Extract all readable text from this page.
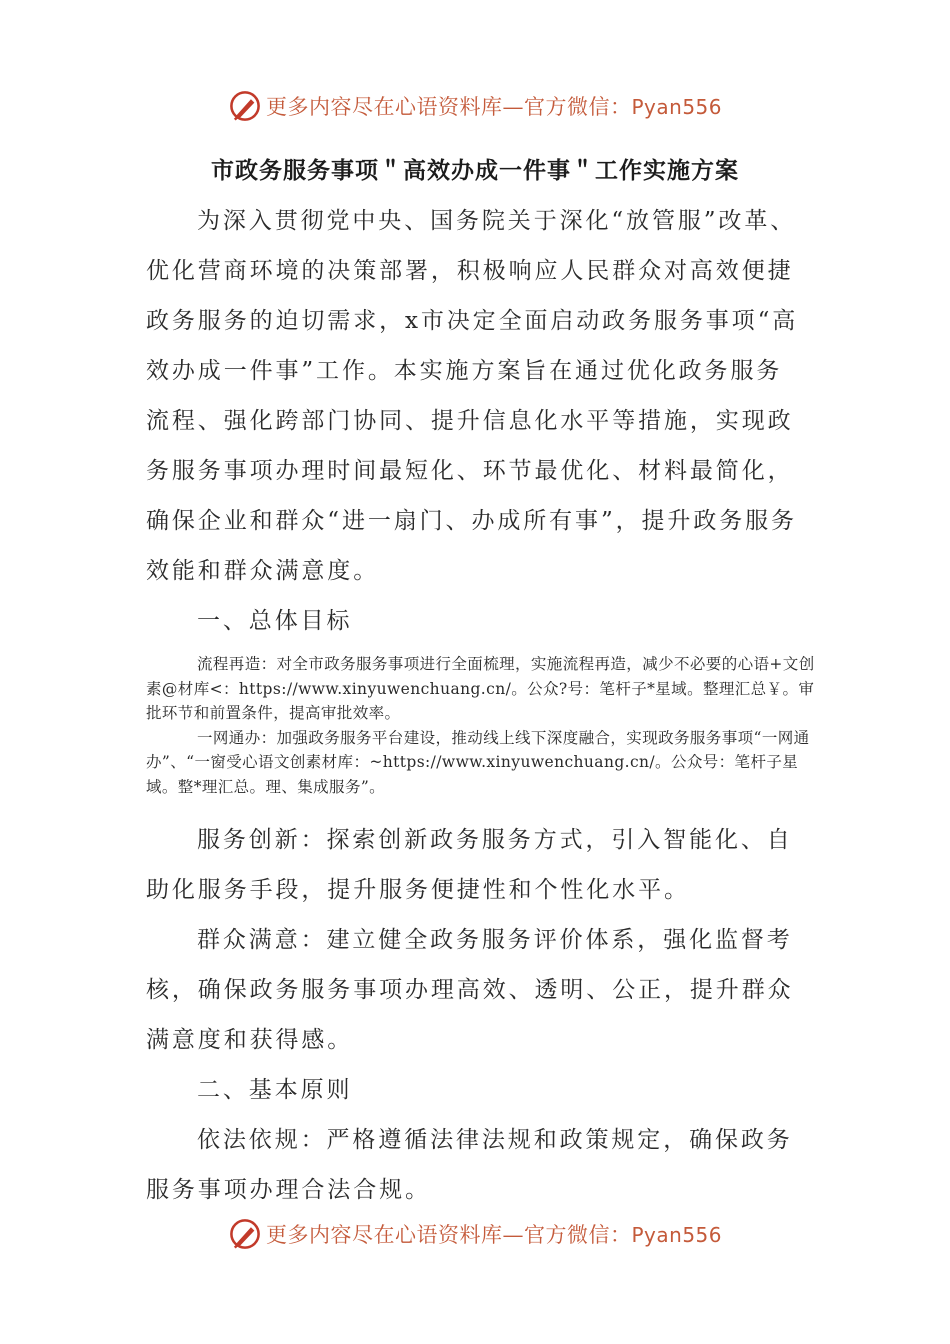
更多内容尽在心语资料库—官方微信：Pyan556
市政务服务事项＂高效办成一件事＂工作实施方案

为深入贯彻党中央、国务院关于深化“放管服”改革、优化营商环境的决策部署，积极响应人民群众对高效便捷政务服务的迫切需求，x市决定全面启动政务服务事项“高效办成一件事”工作。本实施方案旨在通过优化政务服务流程、强化跨部门协同、提升信息化水平等措施，实现政务服务事项办理时间最短化、环节最优化、材料最简化，确保企业和群众“进一扇门、办成所有事”，提升政务服务效能和群众满意度。

一、总体目标

流程再造：对全市政务服务事项进行全面梳理，实施流程再造，减少不必要的心语+文创素@材库<：https://www.xinyuwenchuang.cn/。公众?号：笔杆子*星域。整理汇总￥。审批环节和前置条件，提高审批效率。

一网通办：加强政务服务平台建设，推动线上线下深度融合，实现政务服务事项“一网通办”、“一窗受心语文创素材库：~https://www.xinyuwenchuang.cn/。公众号：笔杆子星域。整*理汇总。理、集成服务”。

服务创新：探索创新政务服务方式，引入智能化、自助化服务手段，提升服务便捷性和个性化水平。

群众满意：建立健全政务服务评价体系，强化监督考核，确保政务服务事项办理高效、透明、公正，提升群众满意度和获得感。

二、基本原则

依法依规：严格遵循法律法规和政策规定，确保政务服务事项办理合法合规。

更多内容尽在心语资料库—官方微信：Pyan556
